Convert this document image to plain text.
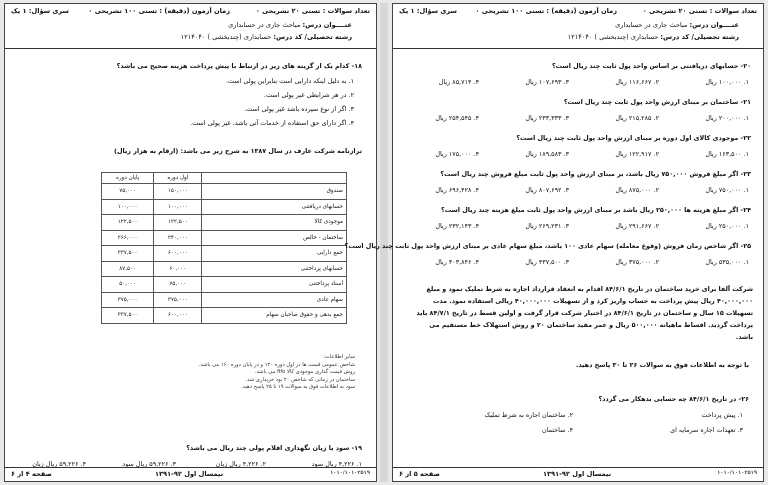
تعداد سوالات : تستی ۲۰ تشریحی ۰
زمان آزمون (دقیقه) : تستی ۱۰۰ تشریحی ۰
عنــــوان درس: مباحث جاری در حسابداری
رشته تحصیلی/ کد درس: حسابداری (چندبخشی ) ۱۲۱۴۰۴۰
سری سؤال: ۱ یک
۱۸- کدام یک از گزینه های زیر در ارتباط با پیش پرداخت هزینه صحیح می باشد؟
۱. به دلیل اینکه دارایی است بنابراین پولی است.
۲. در هر شرایطی غیر پولی است.
۳. اگر از نوع سپرده باشد غیر پولی است.
۴. اگر دارای حق استفاده از خدمات آتی باشد، غیر پولی است.
ترازنامه شرکت عارف در سال ۱۳۸۷ به شرح زیر می باشد: (ارقام به هزار ریال)
	اول دوره	پایان دوره
صندوق	۱۵۰,۰۰۰	۷۵,۰۰۰
حسابهای دریافتنی	۱۰۰,۰۰۰	۱۰۰,۰۰۰
موجودی کالا	۱۲۲,۵۰۰	۱۲۲,۵۰۰
ساختمان - خالص	۲۴۰,۰۰۰	۲۶۶,۰۰۰
جمع دارایی	۶۰۰,۰۰۰	۳۳۷,۵۰۰
حسابهای پرداختنی	۶۰,۰۰۰	۸۷,۵۰۰
اسناد پرداختنی	۷۵,۰۰۰	۵۰,۰۰۰
سهام عادی	۳۷۵,۰۰۰	۳۷۵,۰۰۰
جمع بدهی و حقوق صاحبان سهام	۶۰۰,۰۰۰	۳۳۷,۵۰۰
سایر اطلاعات:
شاخص عمومی قیمت ها در اول دوره ۱۲۰ و در پایان دوره ۱۶۰ می باشد.
روش قیمت گذاری موجودی کالا fifo می باشد.
ساختمان در زمانی که شاخص ۲۰ بود خریداری شد.
سود به اطلاعات فوق به سوالات ۱۹ تا ۲۵ پاسخ دهید.
۱۹- سود یا زیان نگهداری اقلام پولی چند ریال می باشد؟
۱. ۴,۲۲۶ ریال سود
۲. ۴,۲۲۶ ریال زیان
۳. ۵۹,۲۲۶ ریال سود
۴. ۵۹,۲۲۶ ریال زیان
صفحه ۴ از ۶	نیمسال اول ۹۲-۱۳۹۱	۱۰۱۰/۱۰۱۰۲۵۱۹
تعداد سوالات : تستی ۲۰ تشریحی ۰
زمان آزمون (دقیقه) : تستی ۱۰۰ تشریحی ۰
عنــــوان درس: مباحث جاری در حسابداری
رشته تحصیلی/ کد درس: حسابداری (چندبخشی ) ۱۲۱۴۰۴۰
سری سؤال: ۱ یک
۲۰- حسابهای دریافتنی بر اساس واحد پول ثابت چند ریال است؟
۱. ۱۰۰,۰۰۰ ریال
۲. ۱۱۶,۶۶۷ ریال
۳. ۱۰۷,۶۹۳ ریال
۴. ۸۵,۷۱۴ ریال
۲۱- ساختمان بر مبنای ارزش واحد پول ثابت چند ریال است؟
۱. ۲۰۰,۰۰۰ ریال
۲. ۲۱۵,۲۸۵ ریال
۳. ۲۳۳,۳۳۳ ریال
۴. ۲۵۴,۵۴۵ ریال
۲۲- موجودی کالای اول دوره بر مبنای ارزش واحد پول ثابت چند ریال است؟
۱. ۱۶۳,۵۰۰ ریال
۲. ۱۲۲,۹۱۷ ریال
۳. ۱۸۹,۵۸۳ ریال
۴. ۱۷۵,۰۰۰ ریال
۲۳- اگر مبلغ فروش ۷۵۰,۰۰۰ ریال باشد، بر مبنای ارزش واحد پول ثابت مبلغ فروش چند ریال است؟
۱. ۷۵۰,۰۰۰ ریال
۲. ۸۷۵,۰۰۰ ریال
۳. ۸۰۷,۶۹۲ ریال
۴. ۶۹۶,۴۲۸ ریال
۲۴- اگر مبلغ هزینه ها ۲۵۰,۰۰۰ ریال باشد بر مبنای ارزش واحد پول ثابت مبلغ هزینه چند ریال است؟
۱. ۲۵۰,۰۰۰ ریال
۲. ۲۹۱,۶۶۷ ریال
۳. ۲۶۹,۲۳۱ ریال
۴. ۲۳۲,۱۴۳ ریال
۲۵- اگر شاخص زمان فروش (وقوع معامله) سهام عادی ۱۰۰ باشد، مبلغ سهام عادی بر مبنای ارزش واحد پول ثابت چند ریال است؟
۱. ۵۳۵,۰۰۰ ریال
۲. ۳۷۵,۰۰۰ ریال
۳. ۴۳۷,۵۰۰ ریال
۴. ۴۰۳,۸۴۶ ریال
شرکت آلفا برای خرید ساختمان در تاریخ ۸۴/۶/۱ اقدام به انعقاد قرارداد اجاره به شرط تملیک نمود و مبلغ
۴۰,۰۰۰,۰۰۰ ریال پیش پرداخت به حساب واریز کرد و از تسهیلات ۴۰,۰۰۰,۰۰۰ ریالی استفاده نمود. مدت
تسهیلات ۱۵ سال و ساختمان در تاریخ ۸۴/۶/۱ در اختیار شرکت قرار گرفت و اولین قسط در تاریخ ۸۴/۷/۱ باید
پرداخت گردید. اقساط ماهیانه ۵۰۰,۰۰۰ ریال و عمر مفید ساختمان ۲۰ و روش استهلاک خط مستقیم می
باشد.
با توجه به اطلاعات فوق به سوالات ۲۶ تا ۳۰ پاسخ دهید.
۲۶- در تاریخ ۸۴/۶/۱ چه حسابی بدهکار می گردد؟
۱. پیش پرداخت
۲. ساختمان اجاره به شرط تملیک
۳. تعهدات اجاره سرمایه ای
۴. ساختمان
صفحه ۵ از ۶	نیمسال اول ۹۲-۱۳۹۱	۱۰۱۰/۱۰۱۰۲۵۱۹
